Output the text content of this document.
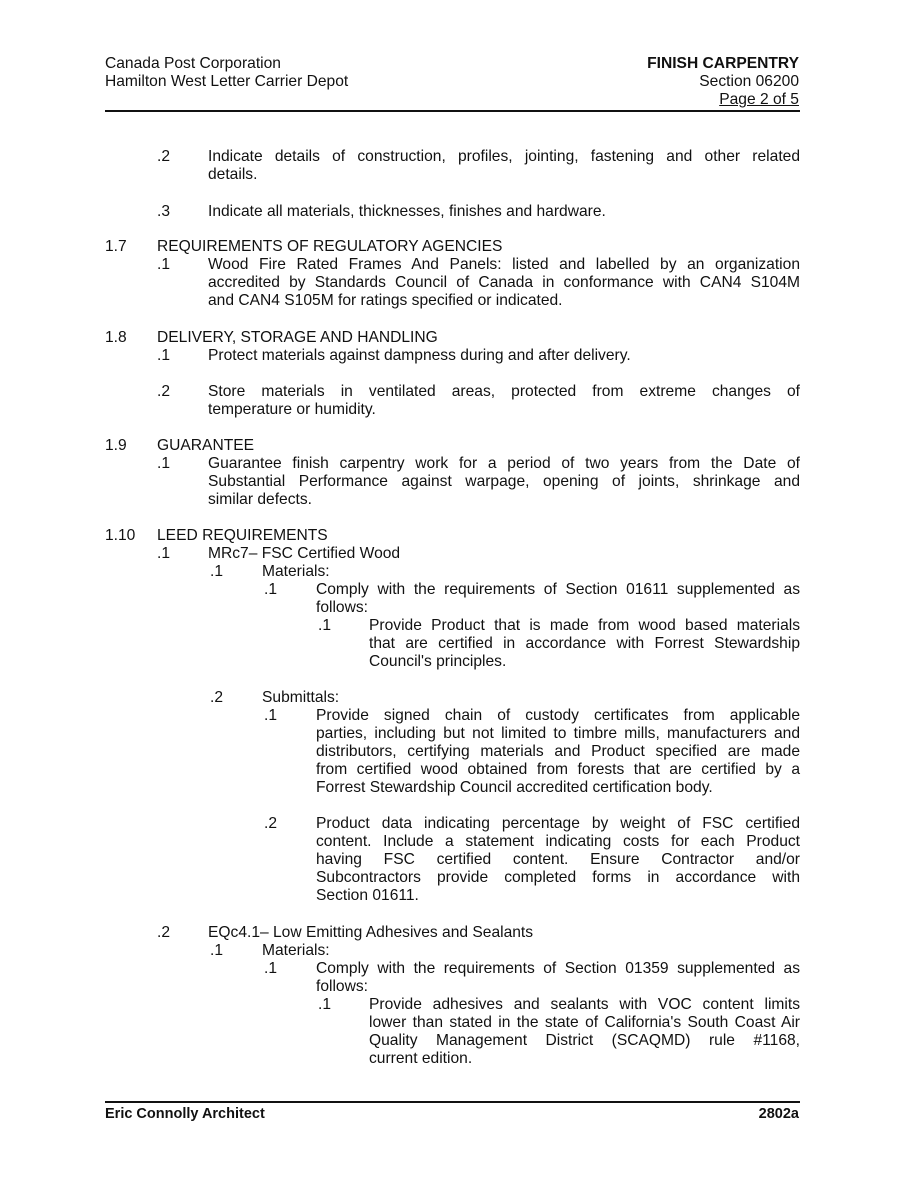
Canada Post Corporation
Hamilton West Letter Carrier Depot
FINISH CARPENTRY
Section 06200
Page 2 of 5
.2 Indicate details of construction, profiles, jointing, fastening and other related
details.
.3 Indicate all materials, thicknesses, finishes and hardware.
1.7 REQUIREMENTS OF REGULATORY AGENCIES
.1 Wood Fire Rated Frames And Panels: listed and labelled by an organization
accredited by Standards Council of Canada in conformance with CAN4 S104M
and CAN4 S105M for ratings specified or indicated.
1.8 DELIVERY, STORAGE AND HANDLING
.1 Protect materials against dampness during and after delivery.
.2 Store materials in ventilated areas, protected from extreme changes of
temperature or humidity.
1.9 GUARANTEE
.1 Guarantee finish carpentry work for a period of two years from the Date of
Substantial Performance against warpage, opening of joints, shrinkage and
similar defects.
1.10 LEED REQUIREMENTS
.1 MRc7– FSC Certified Wood
.1 Materials:
.1 Comply with the requirements of Section 01611 supplemented as
follows:
.1 Provide Product that is made from wood based materials
that are certified in accordance with Forrest Stewardship
Council's principles.
.2 Submittals:
.1 Provide signed chain of custody certificates from applicable
parties, including but not limited to timbre mills, manufacturers and
distributors, certifying materials and Product specified are made
from certified wood obtained from forests that are certified by a
Forrest Stewardship Council accredited certification body.
.2 Product data indicating percentage by weight of FSC certified
content. Include a statement indicating costs for each Product
having FSC certified content. Ensure Contractor and/or
Subcontractors provide completed forms in accordance with
Section 01611.
.2 EQc4.1– Low Emitting Adhesives and Sealants
.1 Materials:
.1 Comply with the requirements of Section 01359 supplemented as
follows:
.1 Provide adhesives and sealants with VOC content limits
lower than stated in the state of California's South Coast Air
Quality Management District (SCAQMD) rule #1168,
current edition.
Eric Connolly Architect	2802a
